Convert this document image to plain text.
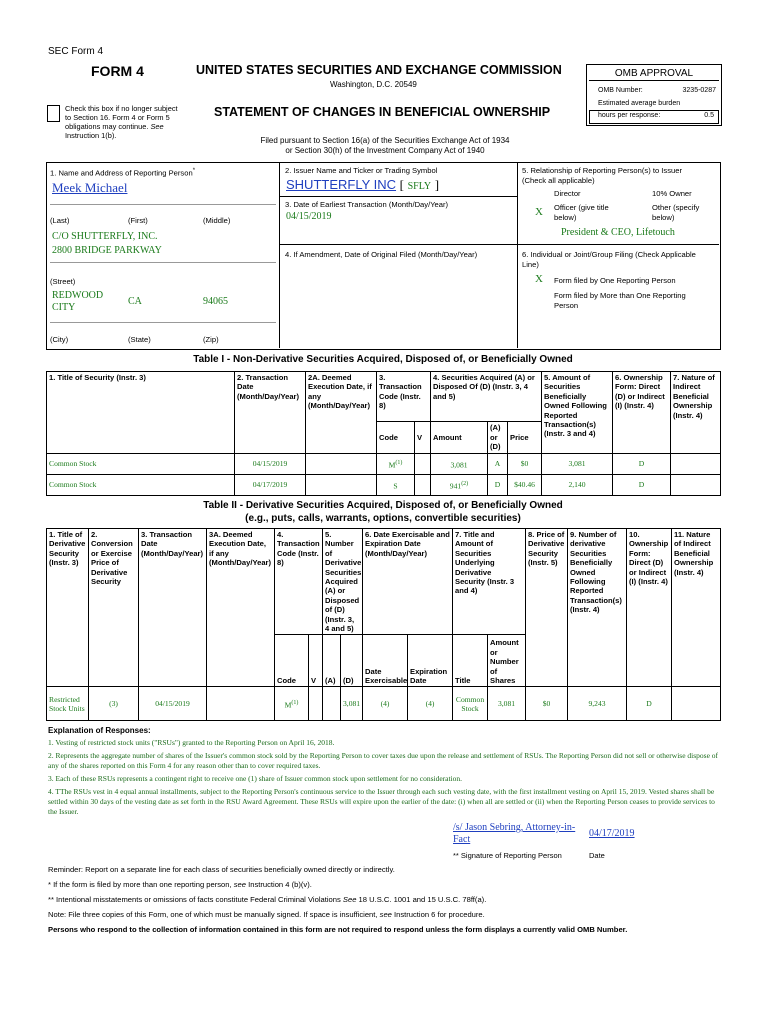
SEC Form 4
FORM 4	UNITED STATES SECURITIES AND EXCHANGE COMMISSION
Washington, D.C. 20549
Check this box if no longer subject
to Section 16. Form 4 or Form 5
obligations may continue. See
Instruction 1(b).
STATEMENT OF CHANGES IN BENEFICIAL OWNERSHIP
OMB APPROVAL
OMB Number:	3235-0287
Estimated average burden
hours per response:	0.5
Filed pursuant to Section 16(a) of the Securities Exchange Act of 1934
or Section 30(h) of the Investment Company Act of 1940
1. Name and Address of Reporting Person*
Meek Michael
(Last)	(First)	(Middle)
C/O SHUTTERFLY, INC.
2800 BRIDGE PARKWAY
(Street)
REDWOOD
CITY
CA	94065
(City)	(State)	(Zip)
2. Issuer Name and Ticker or Trading Symbol
SHUTTERFLY INC [ SFLY ]
3. Date of Earliest Transaction (Month/Day/Year)
04/15/2019
4. If Amendment, Date of Original Filed (Month/Day/Year)
5. Relationship of Reporting Person(s) to Issuer
(Check all applicable)
Director	10% Owner
X Officer (give title
below)
Other (specify
below)
President & CEO, Lifetouch
6. Individual or Joint/Group Filing (Check Applicable
Line)
X Form filed by One Reporting Person
Form filed by More than One Reporting
Person
Table I - Non-Derivative Securities Acquired, Disposed of, or Beneficially Owned
1. Title of Security (Instr. 3)	2. Transaction Date (Month/Day/Year)	2A. Deemed Execution Date, if any (Month/Day/Year)	3. Transaction Code (Instr. 8)		4. Securities Acquired (A) or Disposed Of (D) (Instr. 3, 4 and 5)			5. Amount of Securities Beneficially Owned Following Reported Transaction(s) (Instr. 3 and 4)	6. Ownership Form: Direct (D) or Indirect (I) (Instr. 4)	7. Nature of Indirect Beneficial Ownership (Instr. 4)
			Code	V	Amount	(A) or (D)	Price			
Common Stock	04/15/2019		$M^{(1)}$		3,081	A	$0	3,081	D	
Common Stock	04/17/2019		S		941$^{(2)}$	D	$40.46	2,140	D	
Table II - Derivative Securities Acquired, Disposed of, or Beneficially Owned
(e.g., puts, calls, warrants, options, convertible securities)
1. Title of Derivative Security (Instr. 3)	2. Conversion or Exercise Price of Derivative Security	3. Transaction Date (Month/Day/Year)	3A. Deemed Execution Date, if any (Month/Day/Year)	4. Transaction Code (Instr. 8)		5. Number of Derivative Securities Acquired (A) or Disposed of (D) (Instr. 3, 4 and 5)		6. Date Exercisable and Expiration Date (Month/Day/Year)		7. Title and Amount of Securities Underlying Derivative Security (Instr. 3 and 4)		8. Price of Derivative Security (Instr. 5)	9. Number of derivative Securities Beneficially Owned Following Reported Transaction(s) (Instr. 4)	10. Ownership Form: Direct (D) or Indirect (I) (Instr. 4)	11. Nature of Indirect Beneficial Ownership (Instr. 4)
				Code	V	(A)	(D)	Date Exercisable	Expiration Date	Title	Amount or Number of Shares				
Restricted Stock Units	(3)	04/15/2019		$M^{(1)}$			3,081	(4)	(4)	Common Stock	3,081	$0	9,243	D	
Explanation of Responses:
1. Vesting of restricted stock units ("RSUs") granted to the Reporting Person on April 16, 2018.
2. Represents the aggregate number of shares of the Issuer's common stock sold by the Reporting Person to cover taxes due upon the release and settlement of RSUs. The Reporting Person did not sell or otherwise dispose of any of the shares reported on this Form 4 for any reason other than to cover required taxes.
3. Each of these RSUs represents a contingent right to receive one (1) share of Issuer common stock upon settlement for no consideration.
4. TThe RSUs vest in 4 equal annual installments, subject to the Reporting Person's continuous service to the Issuer through each such vesting date, with the first installment vesting on April 15, 2019. Vested shares shall be settled within 30 days of the vesting date as set forth in the RSU Award Agreement. These RSUs will expire upon the earlier of the date: (i) when all are settled or (ii) when the Reporting Person ceases to provide services to the Issuer.
/s/ Jason Sebring, Attorney-in-
Fact
04/17/2019
** Signature of Reporting Person	Date
Reminder: Report on a separate line for each class of securities beneficially owned directly or indirectly.
* If the form is filed by more than one reporting person, see Instruction 4 (b)(v).
** Intentional misstatements or omissions of facts constitute Federal Criminal Violations See 18 U.S.C. 1001 and 15 U.S.C. 78ff(a).
Note: File three copies of this Form, one of which must be manually signed. If space is insufficient, see Instruction 6 for procedure.
Persons who respond to the collection of information contained in this form are not required to respond unless the form displays a currently valid OMB Number.
